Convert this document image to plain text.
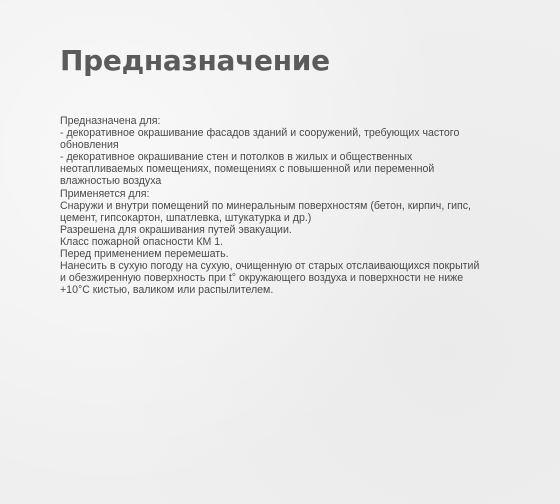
Предназначение
Предназначена для:
- декоративное окрашивание фасадов зданий и сооружений, требующих частого
обновления
- декоративное окрашивание стен и потолков в жилых и общественных
неотапливаемых помещениях, помещениях с повышенной или переменной
влажностью воздуха
Применяется для:
Снаружи и внутри помещений по минеральным поверхностям (бетон, кирпич, гипс,
цемент, гипсокартон, шпатлевка, штукатурка и др.)
Разрешена для окрашивания путей эвакуации.
Класс пожарной опасности КМ 1.
Перед применением перемешать.
Нанесить в сухую погоду на сухую, очищенную от старых отслаивающихся покрытий
и обезжиренную поверхность при t° окружающего воздуха и поверхности не ниже
+10°С кистью, валиком или распылителем.
